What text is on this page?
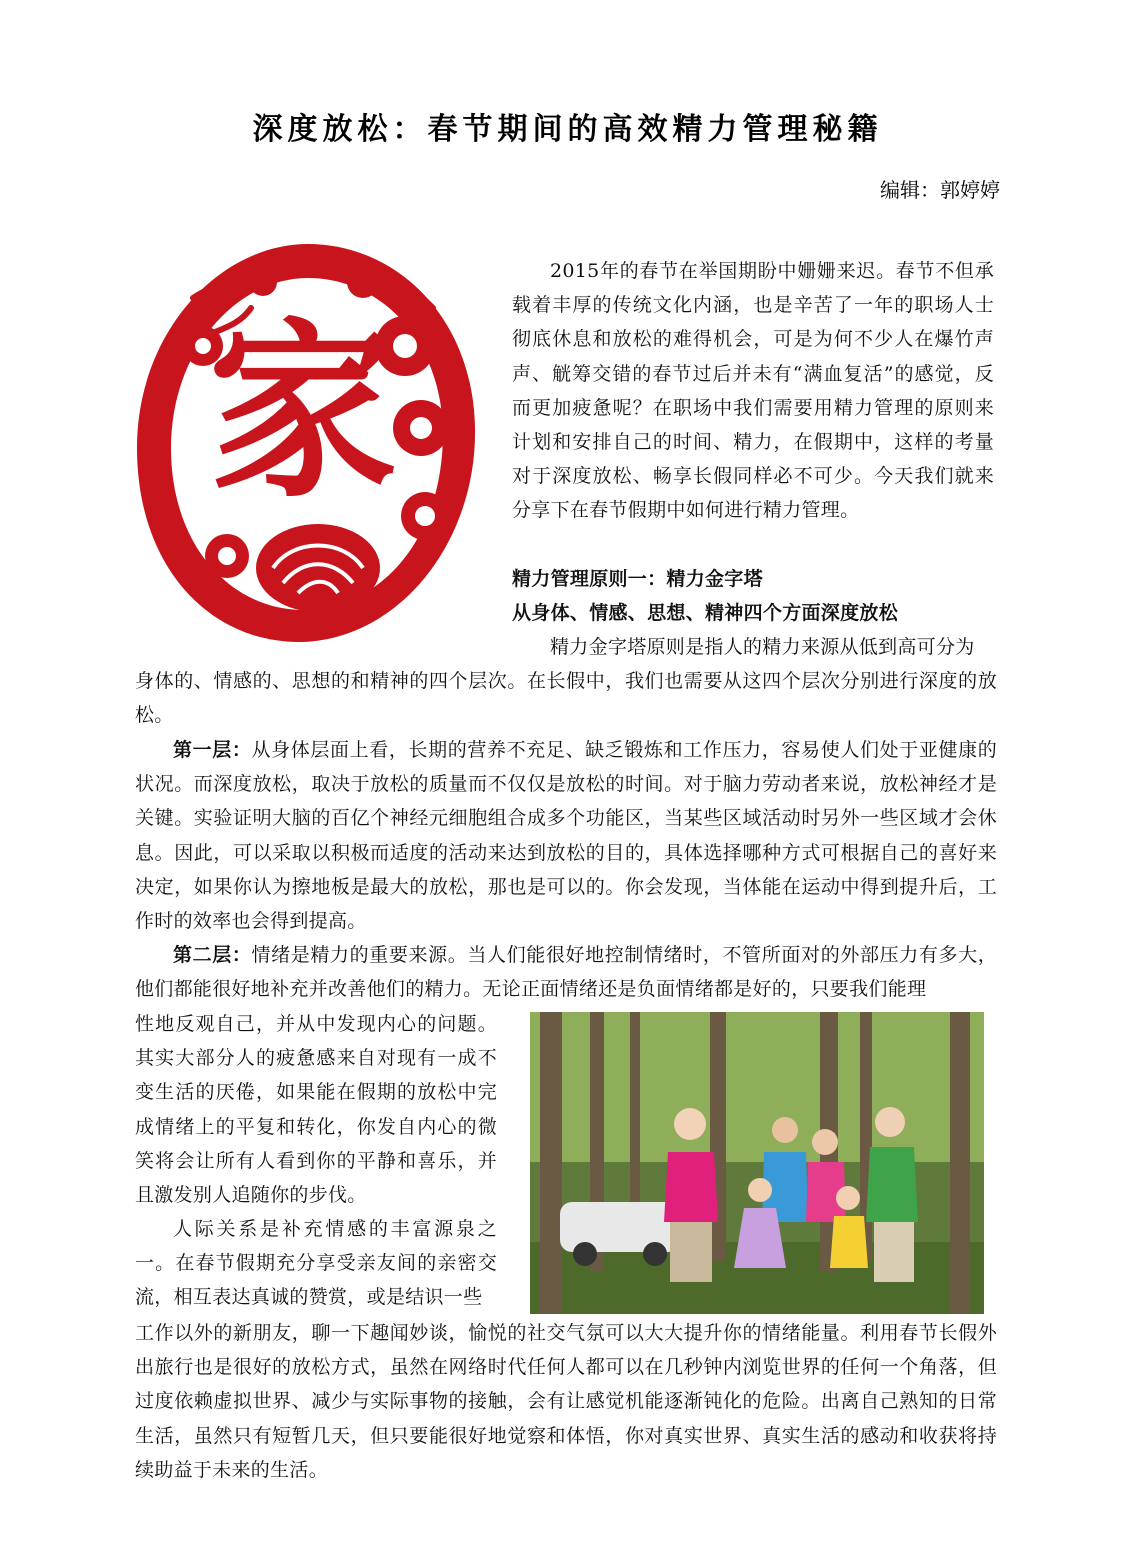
深度放松：春节期间的高效精力管理秘籍
编辑：郭婷婷
家

2015年的春节在举国期盼中姗姗来迟。春节不但承载着丰厚的传统文化内涵，也是辛苦了一年的职场人士彻底休息和放松的难得机会，可是为何不少人在爆竹声声、觥筹交错的春节过后并未有“满血复活”的感觉，反而更加疲惫呢？在职场中我们需要用精力管理的原则来计划和安排自己的时间、精力，在假期中，这样的考量对于深度放松、畅享长假同样必不可少。今天我们就来分享下在春节假期中如何进行精力管理。

精力管理原则一：精力金字塔

从身体、情感、思想、精神四个方面深度放松

精力金字塔原则是指人的精力来源从低到高可分为

身体的、情感的、思想的和精神的四个层次。在长假中，我们也需要从这四个层次分别进行深度的放松。

第一层：从身体层面上看，长期的营养不充足、缺乏锻炼和工作压力，容易使人们处于亚健康的状况。而深度放松，取决于放松的质量而不仅仅是放松的时间。对于脑力劳动者来说，放松神经才是关键。实验证明大脑的百亿个神经元细胞组合成多个功能区，当某些区域活动时另外一些区域才会休息。因此，可以采取以积极而适度的活动来达到放松的目的，具体选择哪种方式可根据自己的喜好来决定，如果你认为擦地板是最大的放松，那也是可以的。你会发现，当体能在运动中得到提升后，工作时的效率也会得到提高。

第二层：情绪是精力的重要来源。当人们能很好地控制情绪时，不管所面对的外部压力有多大，他们都能很好地补充并改善他们的精力。无论正面情绪还是负面情绪都是好的，只要我们能理

性地反观自己，并从中发现内心的问题。其实大部分人的疲惫感来自对现有一成不变生活的厌倦，如果能在假期的放松中完成情绪上的平复和转化，你发自内心的微笑将会让所有人看到你的平静和喜乐，并且激发别人追随你的步伐。

人际关系是补充情感的丰富源泉之一。在春节假期充分享受亲友间的亲密交流，相互表达真诚的赞赏，或是结识一些

工作以外的新朋友，聊一下趣闻妙谈，愉悦的社交气氛可以大大提升你的情绪能量。利用春节长假外出旅行也是很好的放松方式，虽然在网络时代任何人都可以在几秒钟内浏览世界的任何一个角落，但过度依赖虚拟世界、减少与实际事物的接触，会有让感觉机能逐渐钝化的危险。出离自己熟知的日常生活，虽然只有短暂几天，但只要能很好地觉察和体悟，你对真实世界、真实生活的感动和收获将持续助益于未来的生活。
